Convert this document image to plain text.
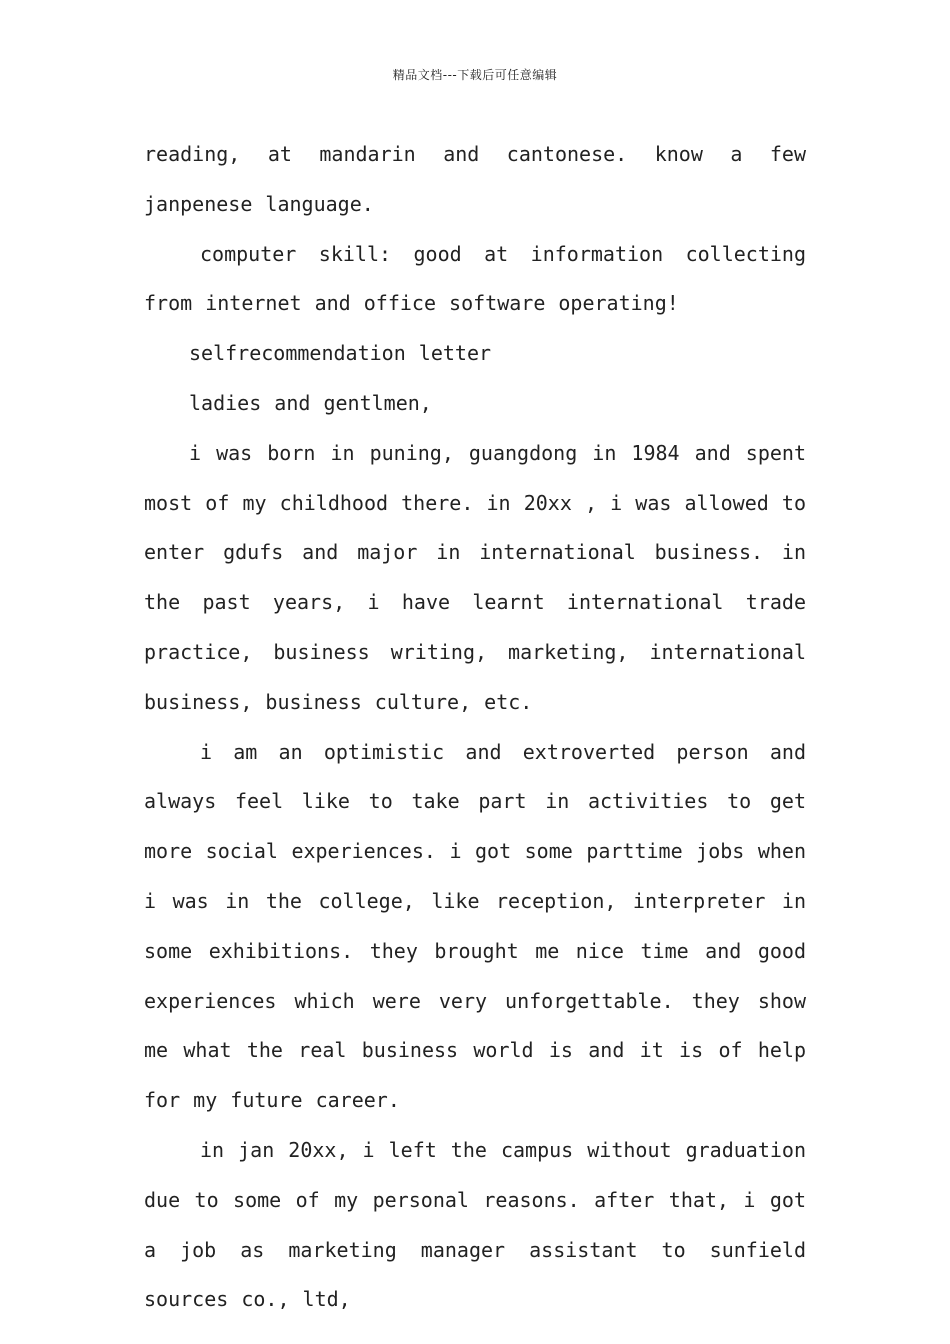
精品文档---下载后可任意编辑

reading, at mandarin and cantonese. know a few janpenese language.

computer skill: good at information collecting from internet and office software operating!

selfrecommendation letter

ladies and gentlmen,

i was born in puning, guangdong in 1984 and spent most of my childhood there. in 20xx , i was allowed to enter gdufs and major in international business. in the past years, i have learnt international trade practice, business writing, marketing, international business, business culture, etc.

i am an optimistic and extroverted person and always feel like to take part in activities to get more social experiences. i got some parttime jobs when i was in the college, like reception, interpreter in some exhibitions. they brought me nice time and good experiences which were very unforgettable. they show me what the real business world is and it is of help for my future career.

in jan 20xx, i left the campus without graduation due to some of my personal reasons. after that, i got a job as marketing manager assistant to sunfield sources co., ltd,
